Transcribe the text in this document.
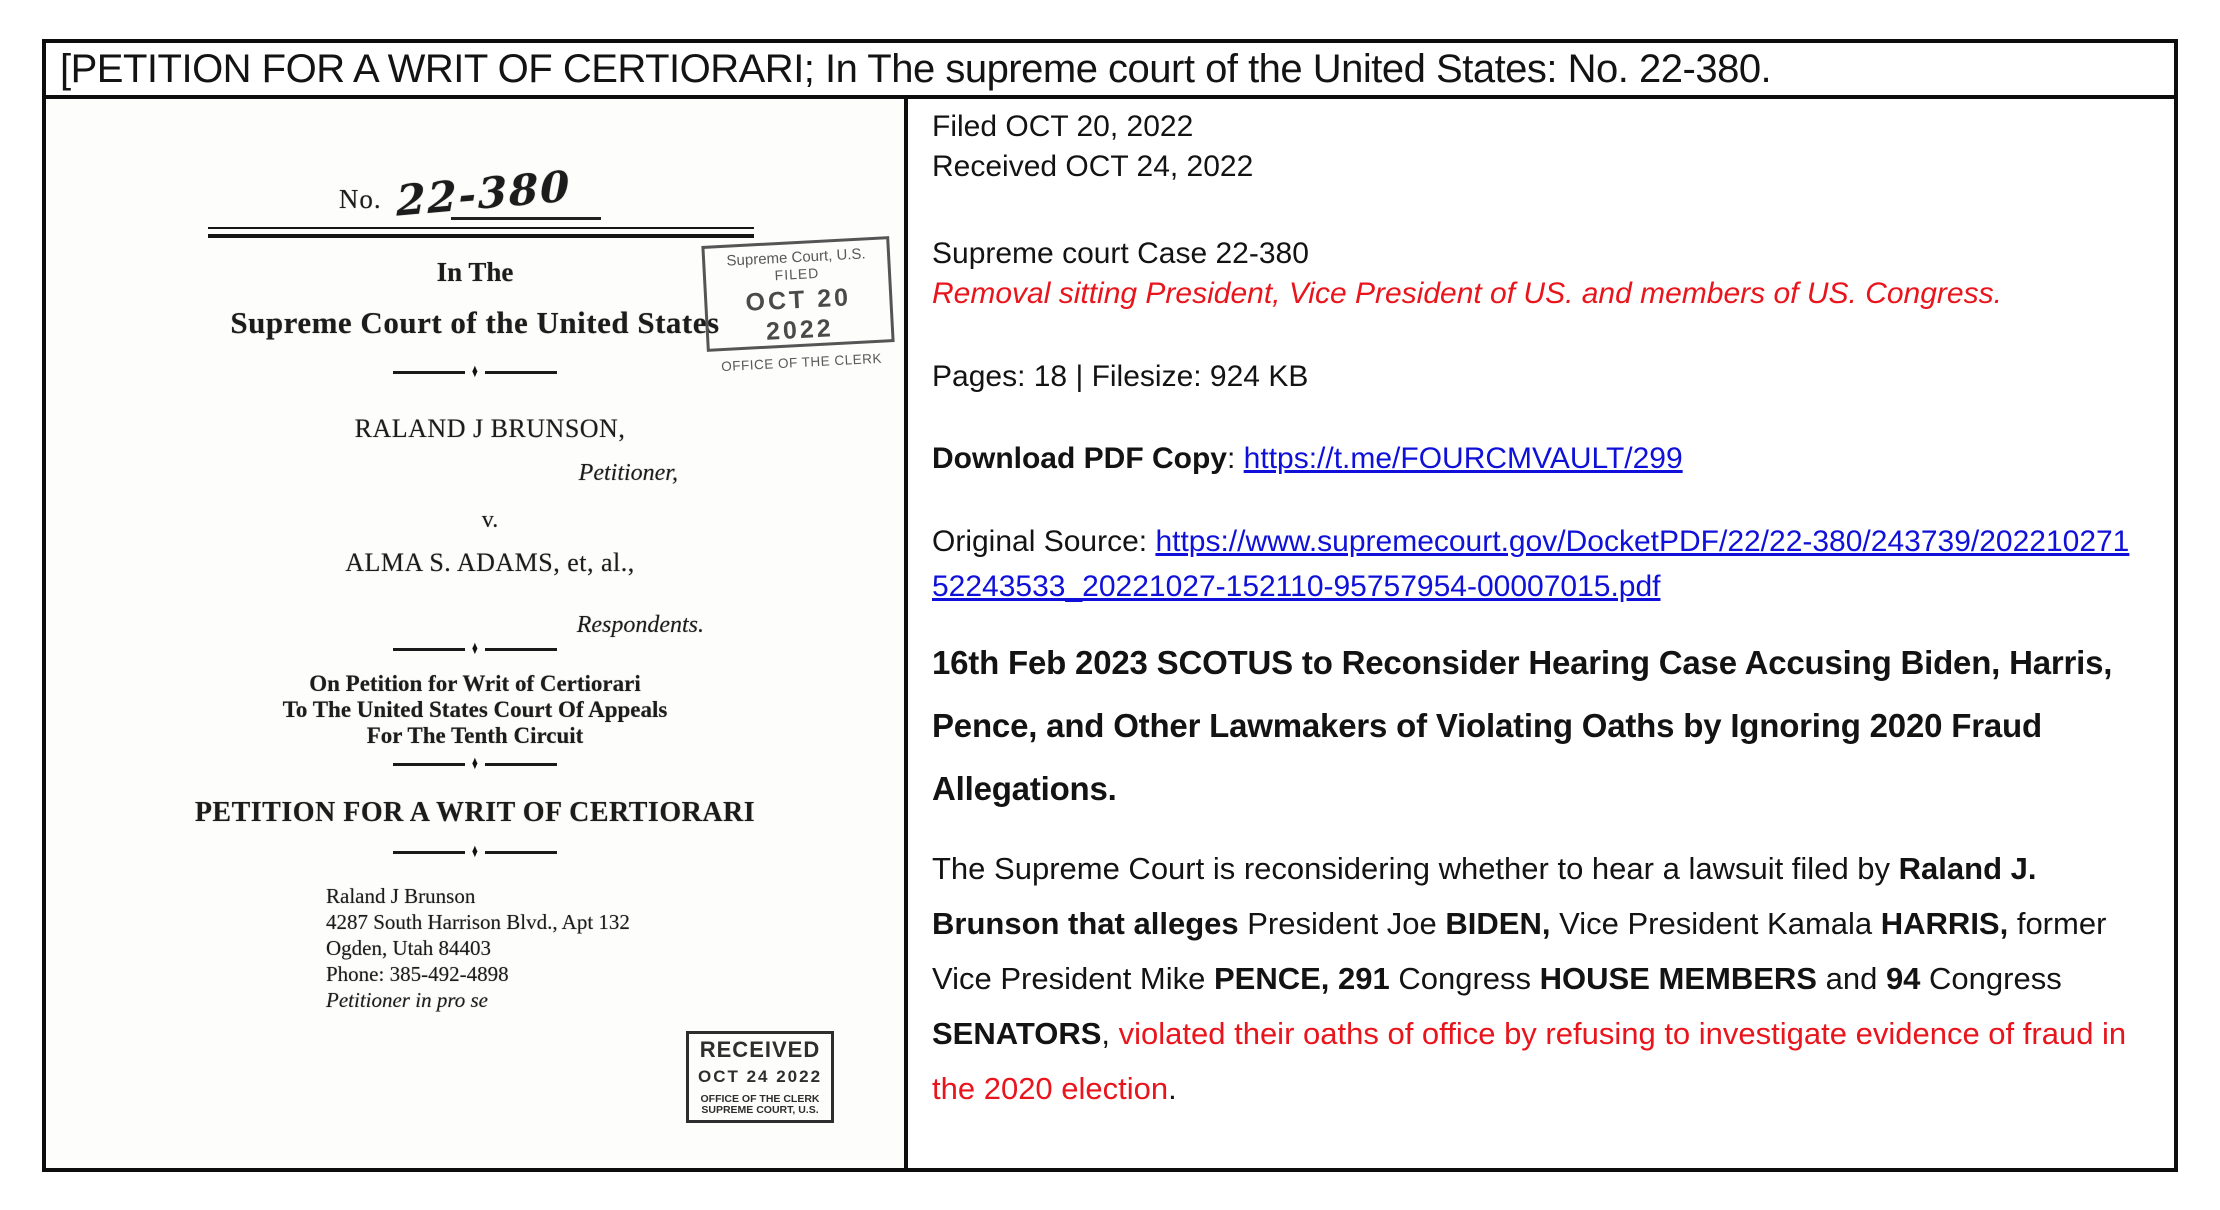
[PETITION FOR A WRIT OF CERTIORARI; In The supreme court of the United States: No. 22-380.
No. 22-380
In The
Supreme Court of the United States
Supreme Court, U.S.
FILED
OCT 20 2022
OFFICE OF THE CLERK
♦
RALAND J BRUNSON,
Petitioner,
v.
ALMA S. ADAMS, et, al.,
Respondents.
♦
On Petition for Writ of Certiorari
To The United States Court Of Appeals
For The Tenth Circuit
♦
PETITION FOR A WRIT OF CERTIORARI
♦
Raland J Brunson
4287 South Harrison Blvd., Apt 132
Ogden, Utah 84403
Phone: 385-492-4898
Petitioner in pro se
RECEIVED
OCT 24 2022
OFFICE OF THE CLERK
SUPREME COURT, U.S.

Filed OCT 20, 2022
Received OCT 24, 2022

Supreme court Case 22-380
Removal sitting President, Vice President of US. and members of US. Congress.

Pages: 18 | Filesize: 924 KB

Download PDF Copy: https://t.me/FOURCMVAULT/299

Original Source: https://www.supremecourt.gov/DocketPDF/22/22-380/243739/20221027152243533_20221027-152110-95757954-00007015.pdf

16th Feb 2023 SCOTUS to Reconsider Hearing Case Accusing Biden, Harris, Pence, and Other Lawmakers of Violating Oaths by Ignoring 2020 Fraud Allegations.

The Supreme Court is reconsidering whether to hear a lawsuit filed by Raland J. Brunson that alleges President Joe BIDEN, Vice President Kamala HARRIS, former Vice President Mike PENCE, 291 Congress HOUSE MEMBERS and 94 Congress SENATORS, violated their oaths of office by refusing to investigate evidence of fraud in the 2020 election.
